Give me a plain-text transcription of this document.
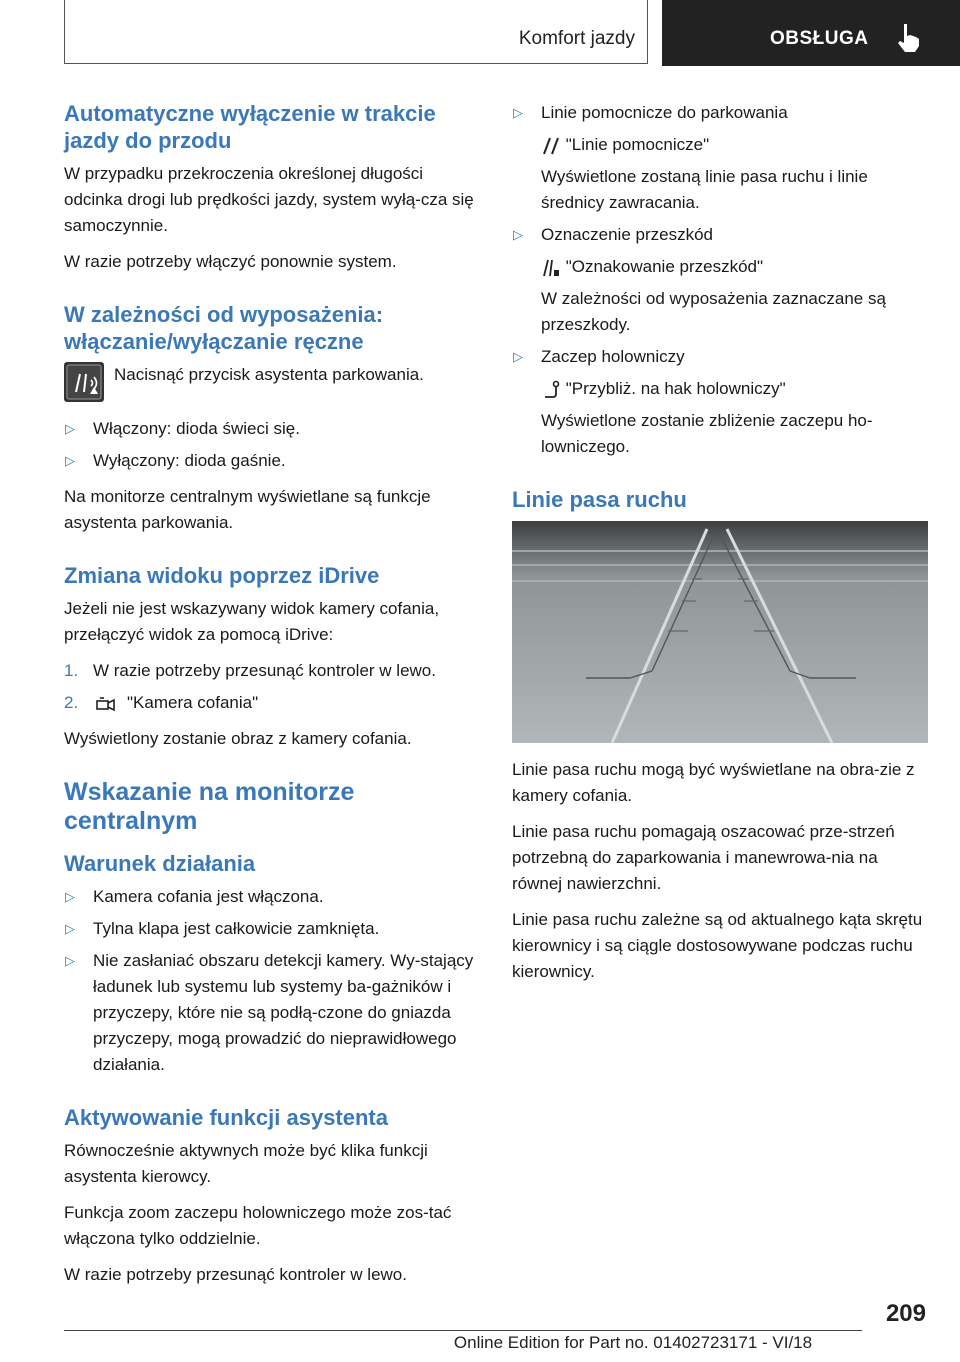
Komfort jazdy	OBSŁUGA
Automatyczne wyłączenie w trakcie jazdy do przodu

W przypadku przekroczenia określonej długości odcinka drogi lub prędkości jazdy, system wyłą-cza się samoczynnie.

W razie potrzeby włączyć ponownie system.

W zależności od wyposażenia: włączanie/wyłączanie ręczne
Nacisnąć przycisk asystenta parkowania.
▷ Włączony: dioda świeci się.
▷ Wyłączony: dioda gaśnie.

Na monitorze centralnym wyświetlane są funkcje asystenta parkowania.

Zmiana widoku poprzez iDrive

Jeżeli nie jest wskazywany widok kamery cofania, przełączyć widok za pomocą iDrive:

1. W razie potrzeby przesunąć kontroler w lewo.
2.	"Kamera cofania"

Wyświetlony zostanie obraz z kamery cofania.

Wskazanie na monitorze centralnym
Warunek działania
▷ Kamera cofania jest włączona.
▷ Tylna klapa jest całkowicie zamknięta.
▷ Nie zasłaniać obszaru detekcji kamery. Wy-stający ładunek lub systemu lub systemy ba-gażników i przyczepy, które nie są podłą-czone do gniazda przyczepy, mogą prowadzić do nieprawidłowego działania.
Aktywowanie funkcji asystenta

Równocześnie aktywnych może być klika funkcji asystenta kierowcy.

Funkcja zoom zaczepu holowniczego może zos-tać włączona tylko oddzielnie.

W razie potrzeby przesunąć kontroler w lewo.

▷ Linie pomocnicze do parkowania
"Linie pomocnicze"
Wyświetlone zostaną linie pasa ruchu i linie średnicy zawracania.
▷ Oznaczenie przeszkód
"Oznakowanie przeszkód"
W zależności od wyposażenia zaznaczane są przeszkody.
▷ Zaczep holowniczy
"Przybliż. na hak holowniczy"
Wyświetlone zostanie zbliżenie zaczepu ho-lowniczego.
Linie pasa ruchu

Linie pasa ruchu mogą być wyświetlane na obra-zie z kamery cofania.

Linie pasa ruchu pomagają oszacować prze-strzeń potrzebną do zaparkowania i manewrowa-nia na równej nawierzchni.

Linie pasa ruchu zależne są od aktualnego kąta skrętu kierownicy i są ciągle dostosowywane podczas ruchu kierownicy.

209
Online Edition for Part no. 01402723171 - VI/18
